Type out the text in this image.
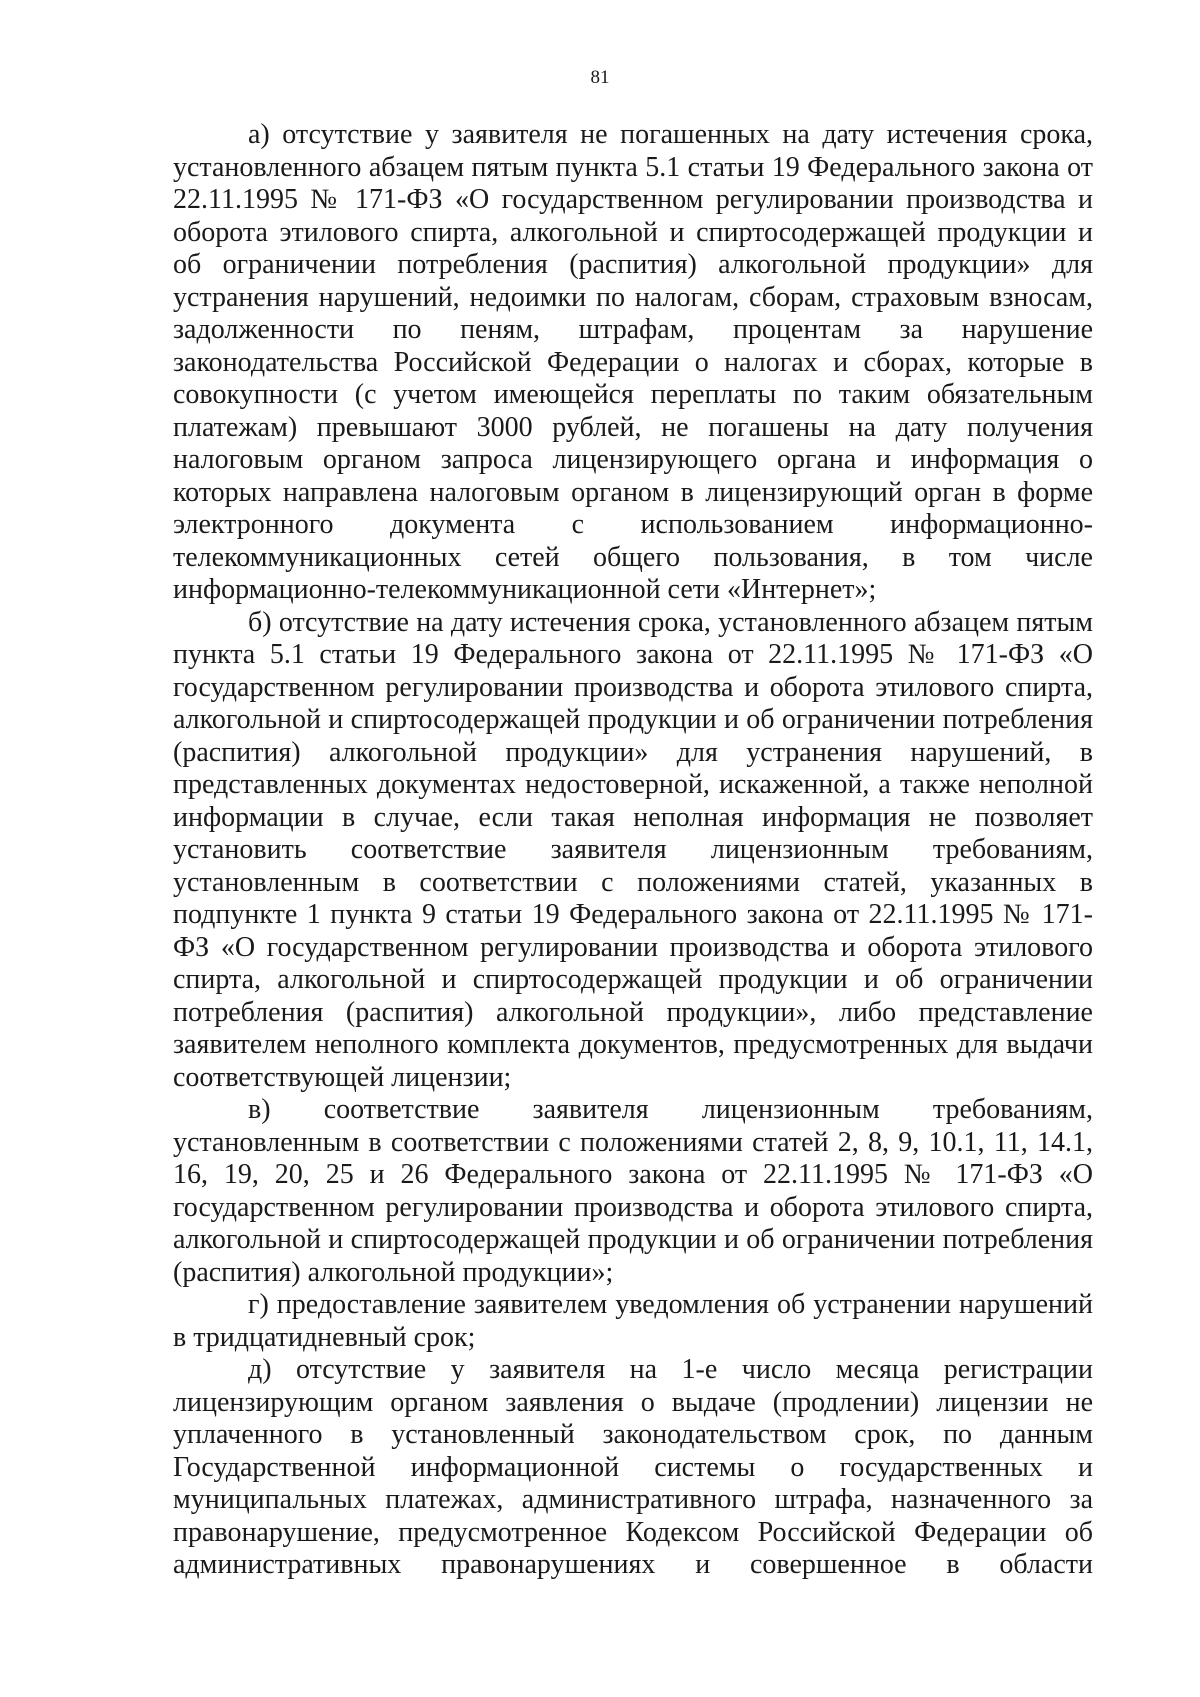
81

а) отсутствие у заявителя не погашенных на дату истечения срока, установленного абзацем пятым пункта 5.1 статьи 19 Федерального закона от 22.11.1995 № 171-ФЗ «О государственном регулировании производства и оборота этилового спирта, алкогольной и спиртосодержащей продукции и об ограничении потребления (распития) алкогольной продукции» для устранения нарушений, недоимки по налогам, сборам, страховым взносам, задолженности по пеням, штрафам, процентам за нарушение законодательства Российской Федерации о налогах и сборах, которые в совокупности (с учетом имеющейся переплаты по таким обязательным платежам) превышают 3000 рублей, не погашены на дату получения налоговым органом запроса лицензирующего органа и информация о которых направлена налоговым органом в лицензирующий орган в форме электронного документа с использованием информационно-телекоммуникационных сетей общего пользования, в том числе информационно-телекоммуникационной сети «Интернет»;

б) отсутствие на дату истечения срока, установленного абзацем пятым пункта 5.1 статьи 19 Федерального закона от 22.11.1995 № 171-ФЗ «О государственном регулировании производства и оборота этилового спирта, алкогольной и спиртосодержащей продукции и об ограничении потребления (распития) алкогольной продукции» для устранения нарушений, в представленных документах недостоверной, искаженной, а также неполной информации в случае, если такая неполная информация не позволяет установить соответствие заявителя лицензионным требованиям, установленным в соответствии с положениями статей, указанных в подпункте 1 пункта 9 статьи 19 Федерального закона от 22.11.1995 № 171-ФЗ «О государственном регулировании производства и оборота этилового спирта, алкогольной и спиртосодержащей продукции и об ограничении потребления (распития) алкогольной продукции», либо представление заявителем неполного комплекта документов, предусмотренных для выдачи соответствующей лицензии;

в) соответствие заявителя лицензионным требованиям, установленным в соответствии с положениями статей 2, 8, 9, 10.1, 11, 14.1, 16, 19, 20, 25 и 26 Федерального закона от 22.11.1995 № 171-ФЗ «О государственном регулировании производства и оборота этилового спирта, алкогольной и спиртосодержащей продукции и об ограничении потребления (распития) алкогольной продукции»;

г) предоставление заявителем уведомления об устранении нарушений в тридцатидневный срок;

д) отсутствие у заявителя на 1-е число месяца регистрации лицензирующим органом заявления о выдаче (продлении) лицензии не уплаченного в установленный законодательством срок, по данным Государственной информационной системы о государственных и муниципальных платежах, административного штрафа, назначенного за правонарушение, предусмотренное Кодексом Российской Федерации об административных правонарушениях и совершенное в области
